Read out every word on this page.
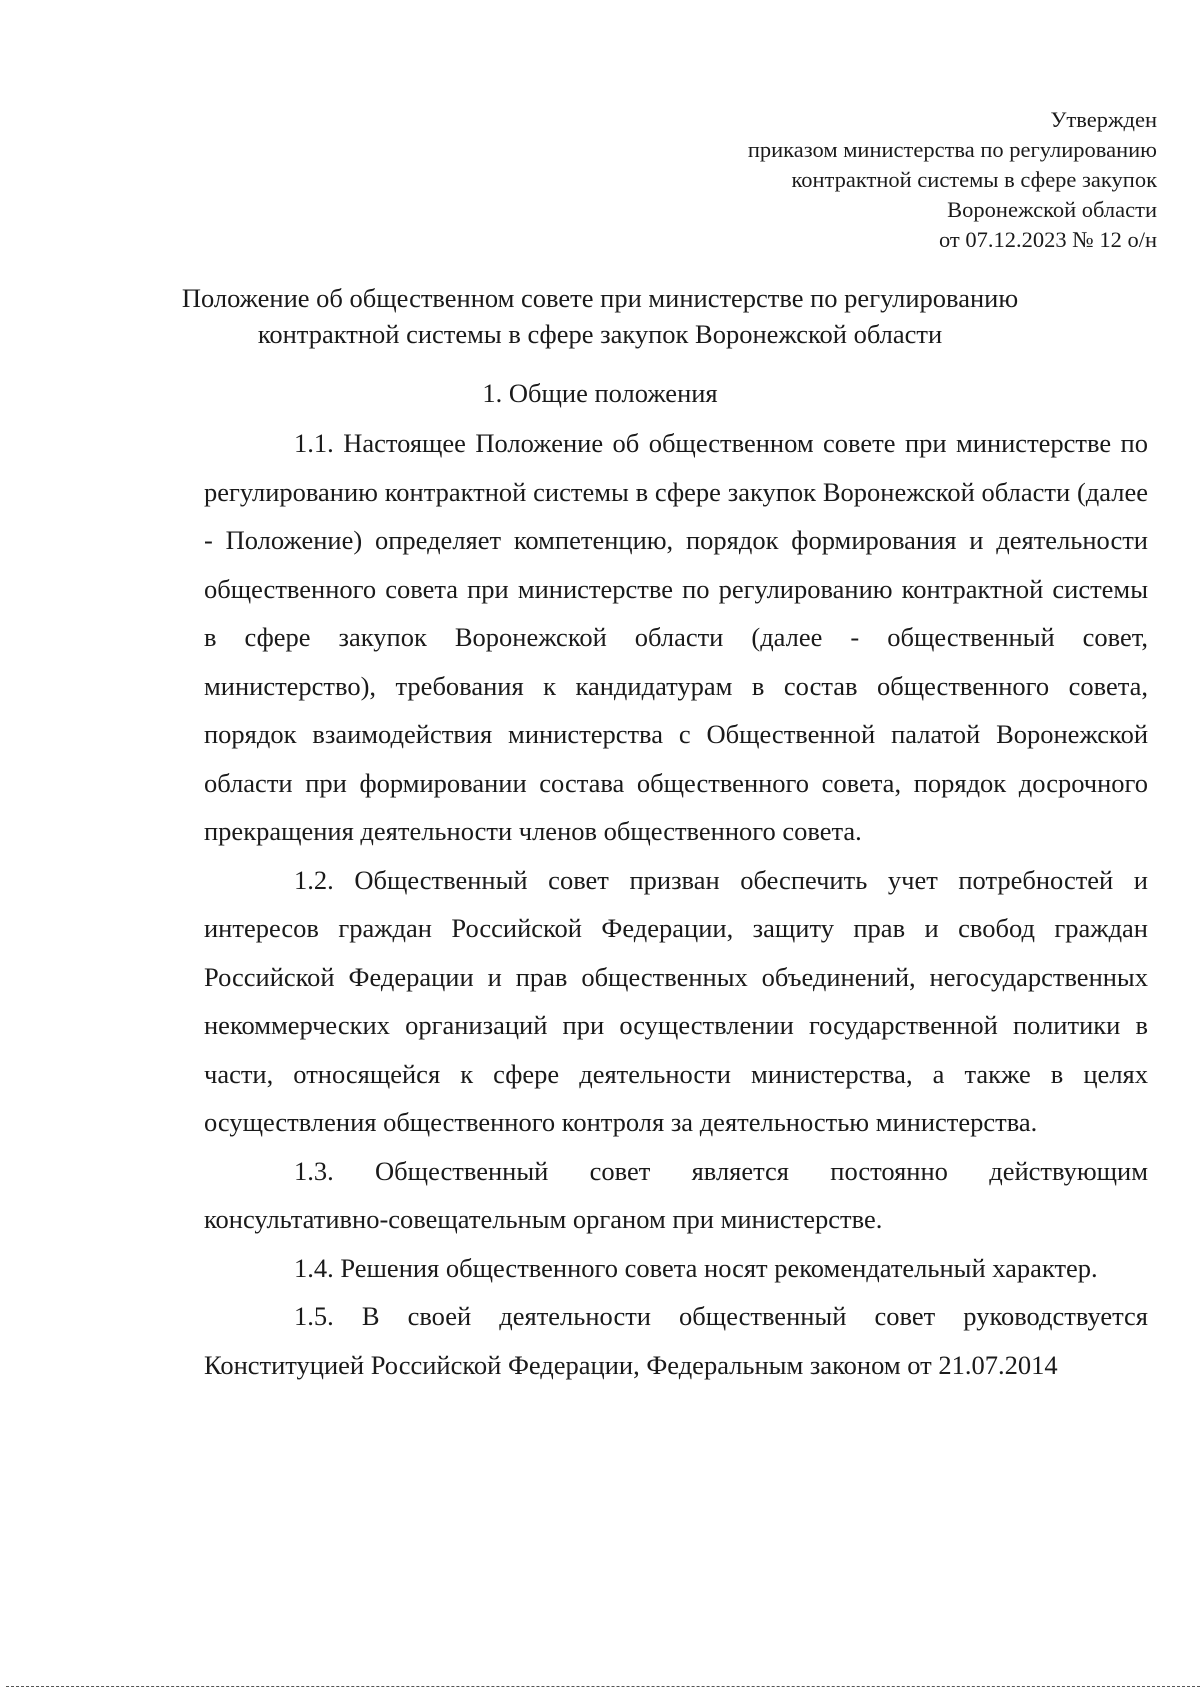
Утвержден
приказом министерства по регулированию
контрактной системы в сфере закупок
Воронежской области
от 07.12.2023 № 12 о/н
Положение об общественном совете при министерстве по регулированию
контрактной системы в сфере закупок Воронежской области
1. Общие положения

1.1. Настоящее Положение об общественном совете при министерстве по регулированию контрактной системы в сфере закупок Воронежской области (далее - Положение) определяет компетенцию, порядок формирования и деятельности общественного совета при министерстве по регулированию контрактной системы в сфере закупок Воронежской области (далее - общественный совет, министерство), требования к кандидатурам в состав общественного совета, порядок взаимодействия министерства с Общественной палатой Воронежской области при формировании состава общественного совета, порядок досрочного прекращения деятельности членов общественного совета.

1.2. Общественный совет призван обеспечить учет потребностей и интересов граждан Российской Федерации, защиту прав и свобод граждан Российской Федерации и прав общественных объединений, негосударственных некоммерческих организаций при осуществлении государственной политики в части, относящейся к сфере деятельности министерства, а также в целях осуществления общественного контроля за деятельностью министерства.

1.3. Общественный совет является постоянно действующим консультативно-совещательным органом при министерстве.

1.4. Решения общественного совета носят рекомендательный характер.

1.5. В своей деятельности общественный совет руководствуется Конституцией Российской Федерации, Федеральным законом от 21.07.2014
